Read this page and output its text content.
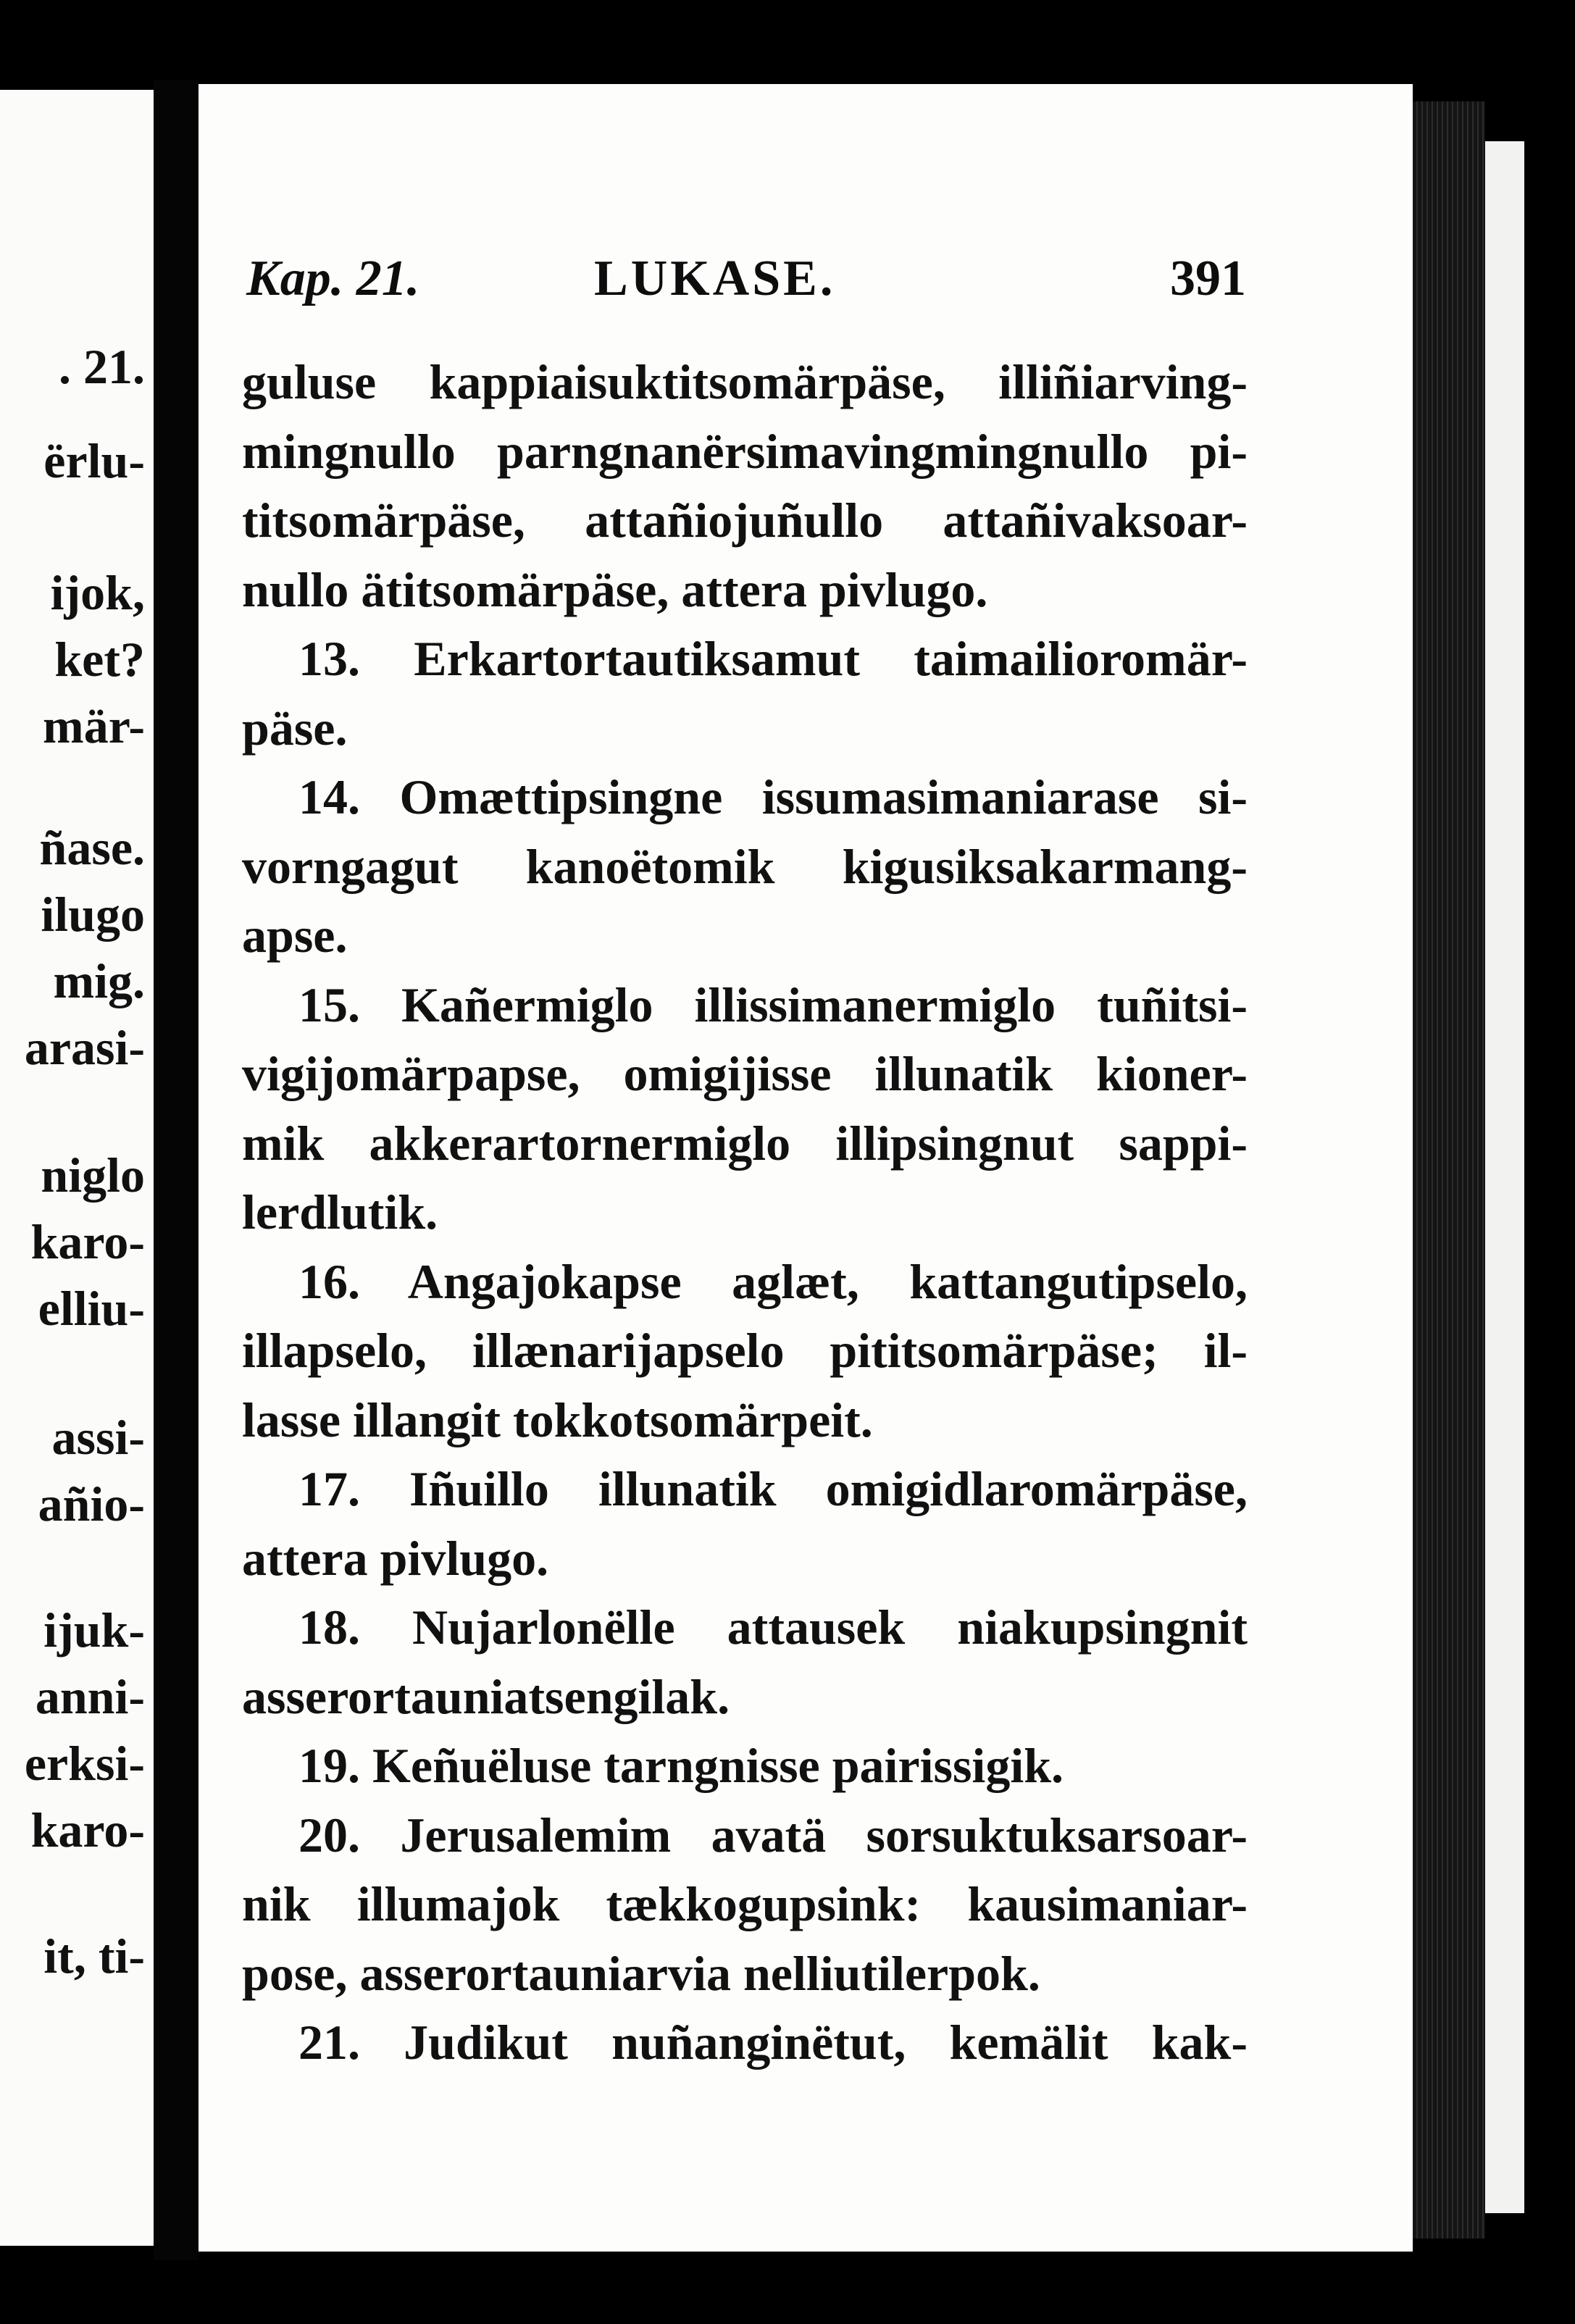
. 21.
ërlu-
ijok,
ket?
mär-
ñase.
ilugo
mig.
arasi-
niglo
karo-
elliu-
assi-
añio-
ijuk-
anni-
erksi-
karo-
it, ti-
Kap. 21.	LUKASE.	391
guluse kappiaisuktitsomärpäse, illiñiarving-
mingnullo parngnanërsimavingmingnullo pi-
titsomärpäse, attañiojuñullo attañivaksoar-
nullo ätitsomärpäse, attera pivlugo.
13. Erkartortautiksamut taimailioromär-
päse.
14. Omættipsingne issumasimaniarase si-
vorngagut kanoëtomik kigusiksakarmang-
apse.
15. Kañermiglo illissimanermiglo tuñitsi-
vigijomärpapse, omigijisse illunatik kioner-
mik akkerartornermiglo illipsingnut sappi-
lerdlutik.
16. Angajokapse aglæt, kattangutipselo,
illapselo, illænarijapselo pititsomärpäse; il-
lasse illangit tokkotsomärpeit.
17. Iñuillo illunatik omigidlaromärpäse,
attera pivlugo.
18. Nujarlonëlle attausek niakupsingnit
asserortauniatsengilak.
19. Keñuëluse tarngnisse pairissigik.
20. Jerusalemim avatä sorsuktuksarsoar-
nik illumajok tækkogupsink: kausimaniar-
pose, asserortauniarvia nelliutilerpok.
21. Judikut nuñanginëtut, kemälit kak-
